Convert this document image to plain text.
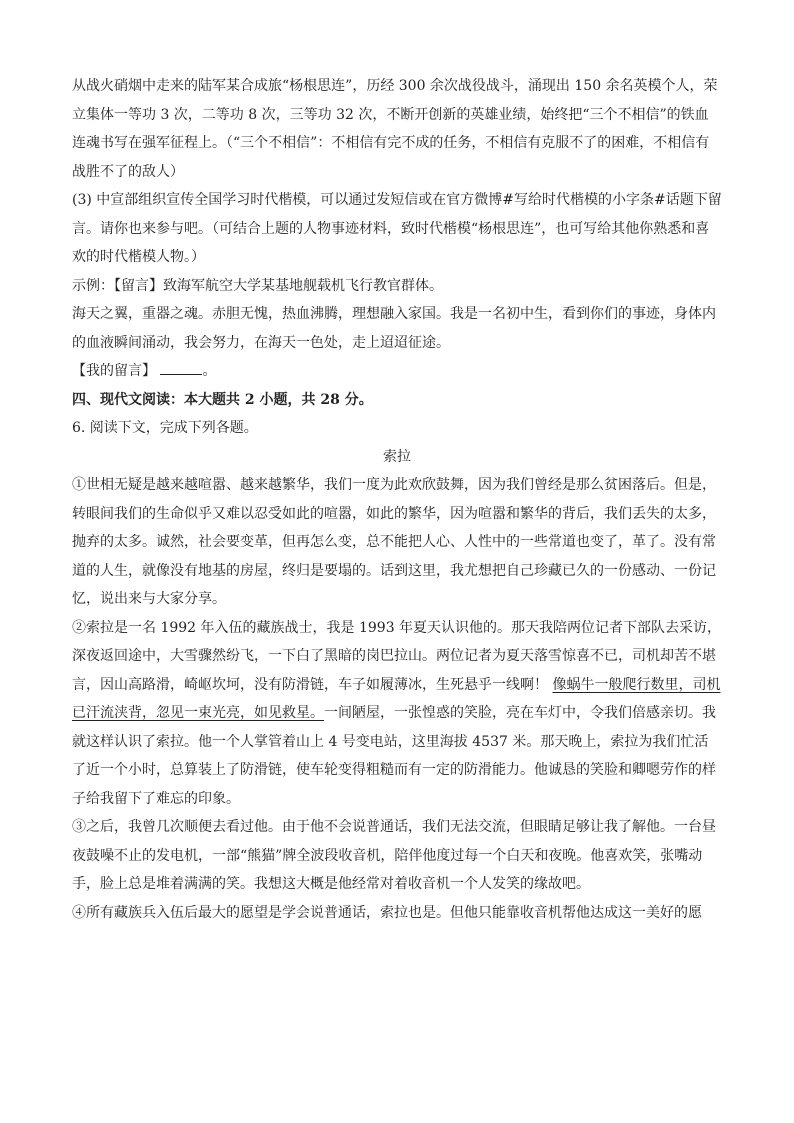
从战火硝烟中走来的陆军某合成旅“杨根思连”，历经 300 余次战役战斗，涌现出 150 余名英模个人，荣立集体一等功 3 次，二等功 8 次，三等功 32 次，不断开创新的英雄业绩，始终把“三个不相信”的铁血连魂书写在强军征程上。（“三个不相信”：不相信有完不成的任务，不相信有克服不了的困难，不相信有战胜不了的敌人）

(3) 中宣部组织宣传全国学习时代楷模，可以通过发短信或在官方微博#写给时代楷模的小字条#话题下留言。请你也来参与吧。（可结合上题的人物事迹材料，致时代楷模“杨根思连”，也可写给其他你熟悉和喜欢的时代楷模人物。）

示例：【留言】致海军航空大学某基地舰载机飞行教官群体。

海天之翼，重器之魂。赤胆无愧，热血沸腾，理想融入家国。我是一名初中生，看到你们的事迹，身体内的血液瞬间涌动，我会努力，在海天一色处，走上迢迢征途。

【我的留言】	。

四、现代文阅读：本大题共 2 小题，共 28 分。

6. 阅读下文，完成下列各题。

索拉

①世相无疑是越来越喧嚣、越来越繁华，我们一度为此欢欣鼓舞，因为我们曾经是那么贫困落后。但是，转眼间我们的生命似乎又难以忍受如此的喧嚣，如此的繁华，因为喧嚣和繁华的背后，我们丢失的太多，抛弃的太多。诚然，社会要变革，但再怎么变，总不能把人心、人性中的一些常道也变了，革了。没有常道的人生，就像没有地基的房屋，终归是要塌的。话到这里，我尤想把自己珍藏已久的一份感动、一份记忆，说出来与大家分享。

②索拉是一名 1992 年入伍的藏族战士，我是 1993 年夏天认识他的。那天我陪两位记者下部队去采访，深夜返回途中，大雪骤然纷飞，一下白了黑暗的岗巴拉山。两位记者为夏天落雪惊喜不已，司机却苦不堪言，因山高路滑，崎岖坎坷，没有防滑链，车子如履薄冰，生死悬乎一线啊！ 像蜗牛一般爬行数里，司机已汗流浃背，忽见一束光亮，如见救星。一间陋屋，一张惶惑的笑脸，亮在车灯中，令我们倍感亲切。我就这样认识了索拉。他一个人掌管着山上 4 号变电站，这里海拔 4537 米。那天晚上，索拉为我们忙活了近一个小时，总算装上了防滑链，使车轮变得粗糙而有一定的防滑能力。他诚恳的笑脸和卿嗯劳作的样子给我留下了难忘的印象。

③之后，我曾几次顺便去看过他。由于他不会说普通话，我们无法交流，但眼睛足够让我了解他。一台昼夜鼓噪不止的发电机，一部“熊猫”牌全波段收音机，陪伴他度过每一个白天和夜晚。他喜欢笑，张嘴动手，脸上总是堆着满满的笑。我想这大概是他经常对着收音机一个人发笑的缘故吧。

④所有藏族兵入伍后最大的愿望是学会说普通话，索拉也是。但他只能靠收音机帮他达成这一美好的愿
